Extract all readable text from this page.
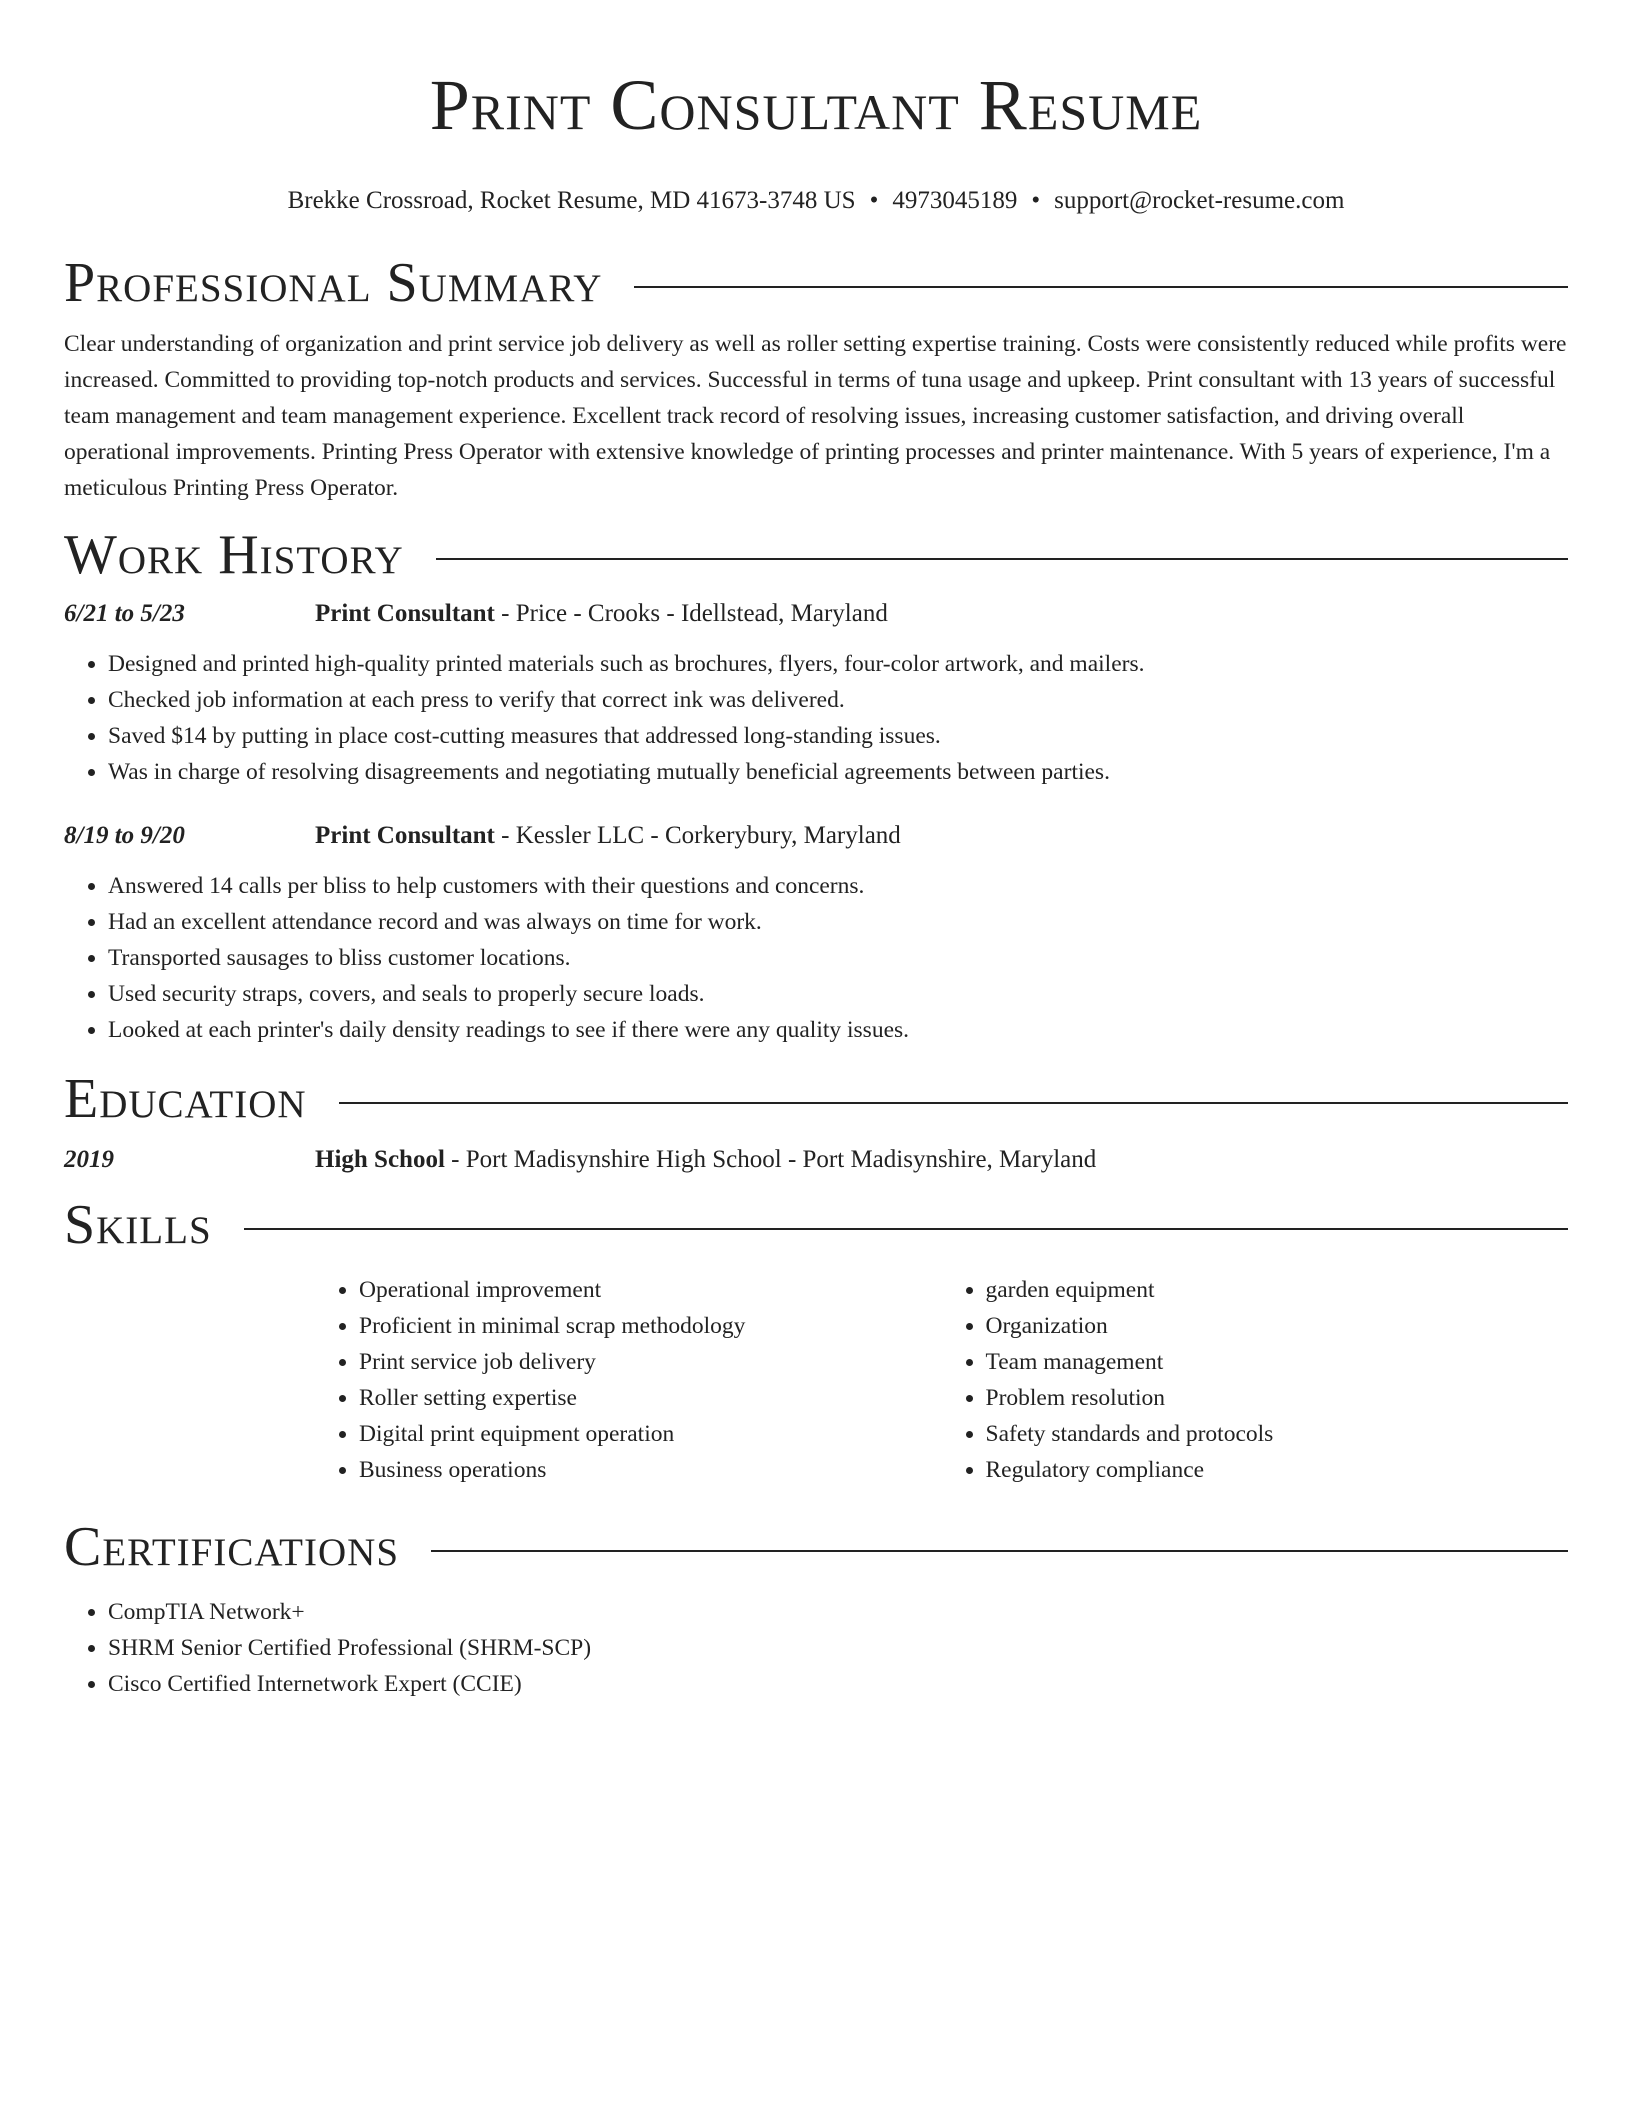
Print Consultant Resume
Brekke Crossroad, Rocket Resume, MD 41673-3748 US • 4973045189 • support@rocket-resume.com
Professional Summary

Clear understanding of organization and print service job delivery as well as roller setting expertise training. Costs were consistently reduced while profits were increased. Committed to providing top-notch products and services. Successful in terms of tuna usage and upkeep. Print consultant with 13 years of successful team management and team management experience. Excellent track record of resolving issues, increasing customer satisfaction, and driving overall operational improvements. Printing Press Operator with extensive knowledge of printing processes and printer maintenance. With 5 years of experience, I'm a meticulous Printing Press Operator.

Work History
6/21 to 5/23	Print Consultant - Price - Crooks - Idellstead, Maryland
• Designed and printed high-quality printed materials such as brochures, flyers, four-color artwork, and mailers.
• Checked job information at each press to verify that correct ink was delivered.
• Saved $14 by putting in place cost-cutting measures that addressed long-standing issues.
• Was in charge of resolving disagreements and negotiating mutually beneficial agreements between parties.
8/19 to 9/20	Print Consultant - Kessler LLC - Corkerybury, Maryland
• Answered 14 calls per bliss to help customers with their questions and concerns.
• Had an excellent attendance record and was always on time for work.
• Transported sausages to bliss customer locations.
• Used security straps, covers, and seals to properly secure loads.
• Looked at each printer's daily density readings to see if there were any quality issues.
Education
2019	High School - Port Madisynshire High School - Port Madisynshire, Maryland
Skills
• Operational improvement
• Proficient in minimal scrap methodology
• Print service job delivery
• Roller setting expertise
• Digital print equipment operation
• Business operations
• garden equipment
• Organization
• Team management
• Problem resolution
• Safety standards and protocols
• Regulatory compliance
Certifications
• CompTIA Network+
• SHRM Senior Certified Professional (SHRM-SCP)
• Cisco Certified Internetwork Expert (CCIE)
